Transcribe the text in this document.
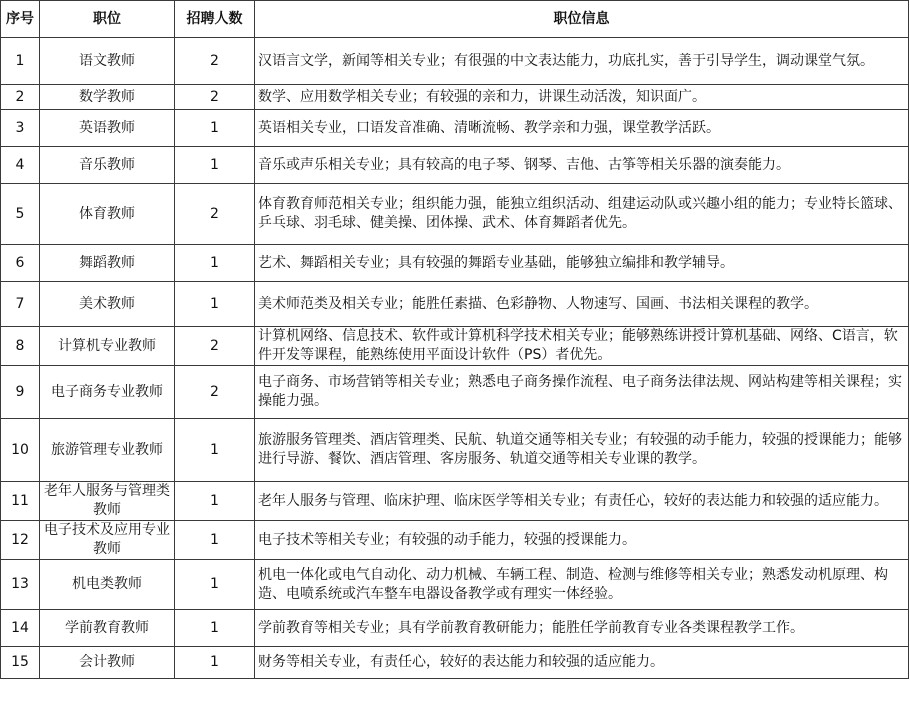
序号	职位	招聘人数	职位信息
1	语文教师	2	汉语言文学，新闻等相关专业；有很强的中文表达能力，功底扎实，善于引导学生，调动课堂气氛。
2	数学教师	2	数学、应用数学相关专业；有较强的亲和力，讲课生动活泼，知识面广。
3	英语教师	1	英语相关专业，口语发音准确、清晰流畅、教学亲和力强，课堂教学活跃。
4	音乐教师	1	音乐或声乐相关专业；具有较高的电子琴、钢琴、吉他、古筝等相关乐器的演奏能力。
5	体育教师	2	体育教育师范相关专业；组织能力强，能独立组织活动、组建运动队或兴趣小组的能力；专业特长篮球、乒乓球、羽毛球、健美操、团体操、武术、体育舞蹈者优先。
6	舞蹈教师	1	艺术、舞蹈相关专业；具有较强的舞蹈专业基础，能够独立编排和教学辅导。
7	美术教师	1	美术师范类及相关专业；能胜任素描、色彩静物、人物速写、国画、书法相关课程的教学。
8	计算机专业教师	2	计算机网络、信息技术、软件或计算机科学技术相关专业；能够熟练讲授计算机基础、网络、C语言，软件开发等课程，能熟练使用平面设计软件（PS）者优先。
9	电子商务专业教师	2	电子商务、市场营销等相关专业；熟悉电子商务操作流程、电子商务法律法规、网站构建等相关课程；实操能力强。
10	旅游管理专业教师	1	旅游服务管理类、酒店管理类、民航、轨道交通等相关专业；有较强的动手能力，较强的授课能力；能够进行导游、餐饮、酒店管理、客房服务、轨道交通等相关专业课的教学。
11	老年人服务与管理类教师	1	老年人服务与管理、临床护理、临床医学等相关专业；有责任心，较好的表达能力和较强的适应能力。
12	电子技术及应用专业教师	1	电子技术等相关专业；有较强的动手能力，较强的授课能力。
13	机电类教师	1	机电一体化或电气自动化、动力机械、车辆工程、制造、检测与维修等相关专业；熟悉发动机原理、构造、电喷系统或汽车整车电器设备教学或有理实一体经验。
14	学前教育教师	1	学前教育等相关专业；具有学前教育教研能力；能胜任学前教育专业各类课程教学工作。
15	会计教师	1	财务等相关专业，有责任心，较好的表达能力和较强的适应能力。
